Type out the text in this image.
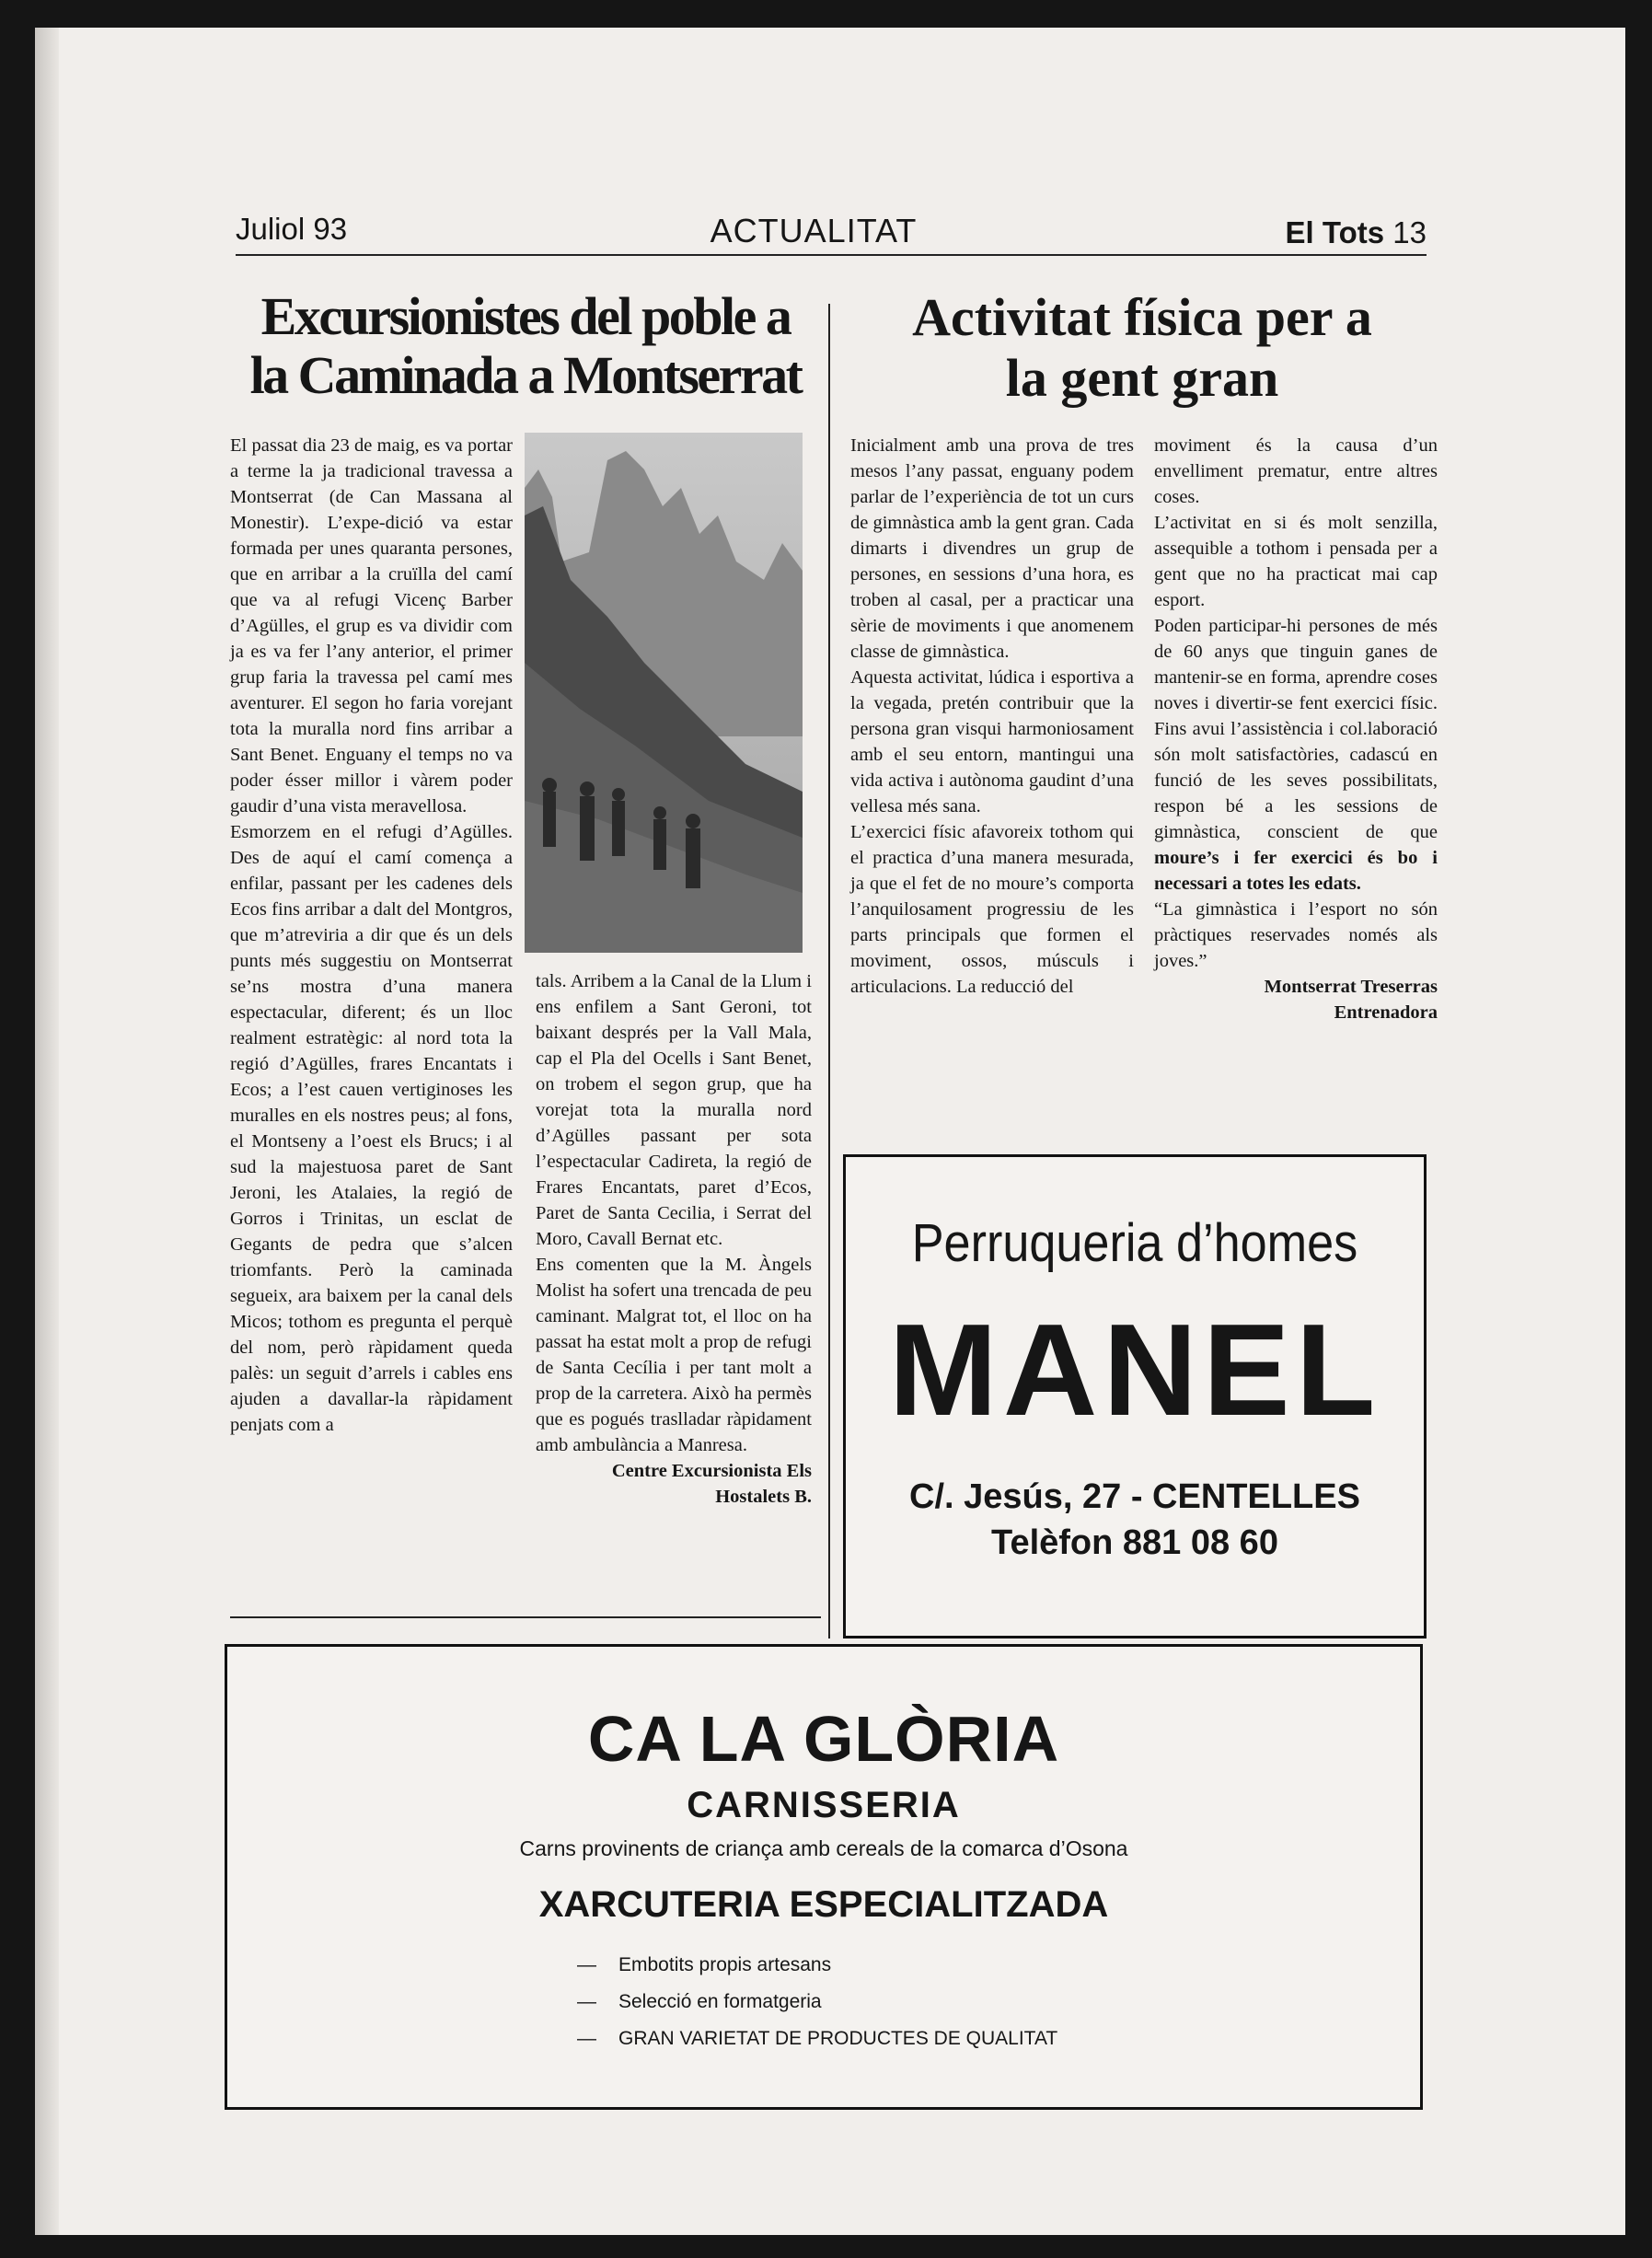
Juliol 93	ACTUALITAT	El Tots 13
Excursionistes del poble a
la Caminada a Montserrat

El passat dia 23 de maig, es va portar a terme la ja tradicional travessa a Montserrat (de Can Massana al Monestir). L’expe-dició va estar formada per unes quaranta persones, que en arribar a la cruïlla del camí que va al refugi Vicenç Barber d’Agülles, el grup es va dividir com ja es va fer l’any anterior, el primer grup faria la travessa pel camí mes aventurer. El segon ho faria vorejant tota la muralla nord fins arribar a Sant Benet. Enguany el temps no va poder ésser millor i vàrem poder gaudir d’una vista meravellosa.

Esmorzem en el refugi d’Agülles. Des de aquí el camí començа a enfilar, passant per les cadenes dels Ecos fins arribar a dalt del Montgros, que m’atreviria a dir que és un dels punts més suggestiu on Montserrat se’ns mostra d’una manera espectacular, diferent; és un lloc realment estratègic: al nord tota la regió d’Agülles, frares Encantats i Ecos; a l’est cauen vertiginoses les muralles en els nostres peus; al fons, el Montseny a l’oest els Brucs; i al sud la majestuosa paret de Sant Jeroni, les Atalaies, la regió de Gorros i Trinitas, un esclat de Gegants de pedra que s’alcen triomfants. Però la caminada segueix, ara baixem per la canal dels Micos; tothom es pregunta el perquè del nom, però ràpidament queda palès: un seguit d’arrels i cables ens ajuden a davallar-la ràpidament penjats com a

tals. Arribem a la Canal de la Llum i ens enfilem a Sant Geroni, tot baixant després per la Vall Mala, cap el Pla del Ocells i Sant Benet, on trobem el segon grup, que ha vorejat tota la muralla nord d’Agülles passant per sota l’espectacular Cadireta, la regió de Frares Encantats, paret d’Ecos, Paret de Santa Cecilia, i Serrat del Moro, Cavall Bernat etc.

Ens comenten que la M. Àngels Molist ha sofert una trencada de peu caminant. Malgrat tot, el lloc on ha passat ha estat molt a prop de refugi de Santa Cecília i per tant molt a prop de la carretera. Això ha permès que es pogués traslladar ràpidament amb ambulància a Manresa.

Centre Excursionista Els Hostalets B.

Activitat física per a
la gent gran

Inicialment amb una prova de tres mesos l’any passat, enguany podem parlar de l’experiència de tot un curs de gimnàstica amb la gent gran. Cada dimarts i divendres un grup de persones, en sessions d’una hora, es troben al casal, per a practicar una sèrie de moviments i que anomenem classe de gimnàstica.

Aquesta activitat, lúdica i esportiva a la vegada, pretén contribuir que la persona gran visqui harmoniosament amb el seu entorn, mantingui una vida activa i autònoma gaudint d’una vellesa més sana.

L’exercici físic afavoreix tothom qui el practica d’una manera mesurada, ja que el fet de no moure’s comporta l’anquilosament progressiu de les parts principals que formen el moviment, ossos, músculs i articulacions. La reducció del

moviment és la causa d’un envelliment prematur, entre altres coses.

L’activitat en si és molt senzilla, assequible a tothom i pensada per a gent que no ha practicat mai cap esport.

Poden participar-hi persones de més de 60 anys que tinguin ganes de mantenir-se en forma, aprendre coses noves i divertir-se fent exercici físic. Fins avui l’assistència i col.laboració són molt satisfactòries, cadascú en funció de les seves possibilitats, respon bé a les sessions de gimnàstica, conscient de que moure’s i fer exercici és bo i necessari a totes les edats.

“La gimnàstica i l’esport no són pràctiques reservades només als joves.”

Montserrat Treserras

Entrenadora

Perruqueria d’homes
MANEL
C/. Jesús, 27 - CENTELLES
Telèfon 881 08 60
CA LA GLÒRIA
CARNISSERIA
Carns provinents de criança amb cereals de la comarca d’Osona
XARCUTERIA ESPECIALITZADA
— Embotits propis artesans
— Selecció en formatgeria
— GRAN VARIETAT DE PRODUCTES DE QUALITAT
